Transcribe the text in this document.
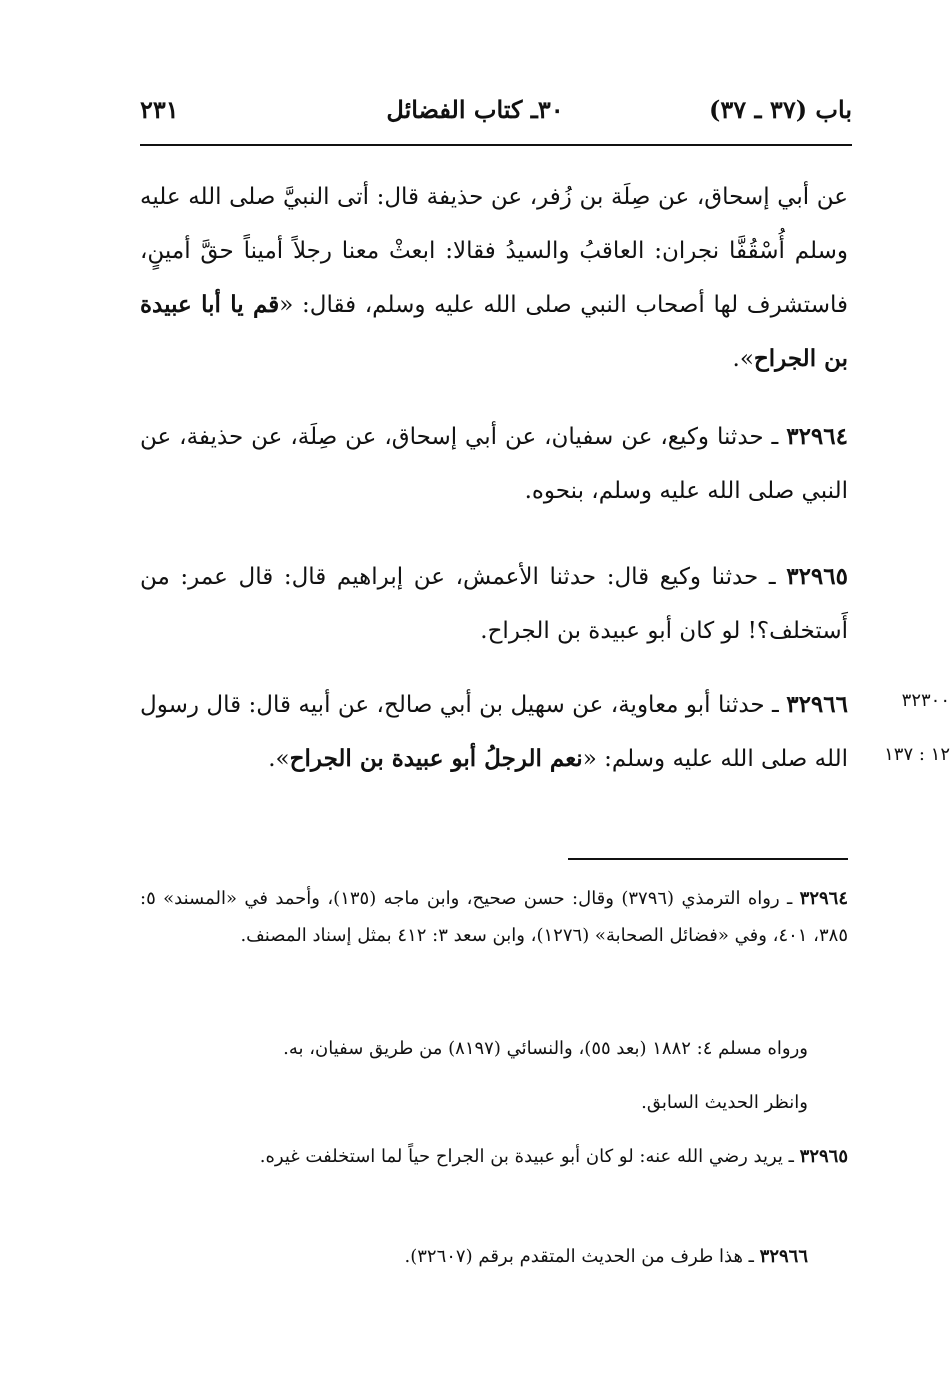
باب (٣٧ ـ ٣٧)
٣٠ـ كتاب الفضائل
٢٣١
عن أبي إسحاق، عن صِلَة بن زُفر، عن حذيفة قال: أتى النبيَّ صلى الله عليه وسلم أُسْقُفَّا نجران: العاقبُ والسيدُ فقالا: ابعثْ معنا رجلاً أميناً حقَّ أمينٍ، فاستشرف لها أصحاب النبي صلى الله عليه وسلم، فقال: «قم يا أبا عبيدة بن الجراح».
٣٢٩٦٤ ـ حدثنا وكيع، عن سفيان، عن أبي إسحاق، عن صِلَة، عن حذيفة، عن النبي صلى الله عليه وسلم، بنحوه.
٣٢٩٦٥ ـ حدثنا وكيع قال: حدثنا الأعمش، عن إبراهيم قال: قال عمر: من أَستخلف؟! لو كان أبو عبيدة بن الجراح.
٣٢٩٦٦ ـ حدثنا أبو معاوية، عن سهيل بن أبي صالح، عن أبيه قال: قال رسول الله صلى الله عليه وسلم: «نعم الرجلُ أبو عبيدة بن الجراح».
٣٢٣٠٠
١٢ : ١٣٧
٣٢٩٦٤ ـ رواه الترمذي (٣٧٩٦) وقال: حسن صحيح، وابن ماجه (١٣٥)، وأحمد في «المسند» ٥: ٣٨٥، ٤٠١، وفي «فضائل الصحابة» (١٢٧٦)، وابن سعد ٣: ٤١٢ بمثل إسناد المصنف.
ورواه مسلم ٤: ١٨٨٢ (بعد ٥٥)، والنسائي (٨١٩٧) من طريق سفيان، به.
وانظر الحديث السابق.
٣٢٩٦٥ ـ يريد رضي الله عنه: لو كان أبو عبيدة بن الجراح حياً لما استخلفت غيره.
٣٢٩٦٦ ـ هذا طرف من الحديث المتقدم برقم (٣٢٦٠٧).
